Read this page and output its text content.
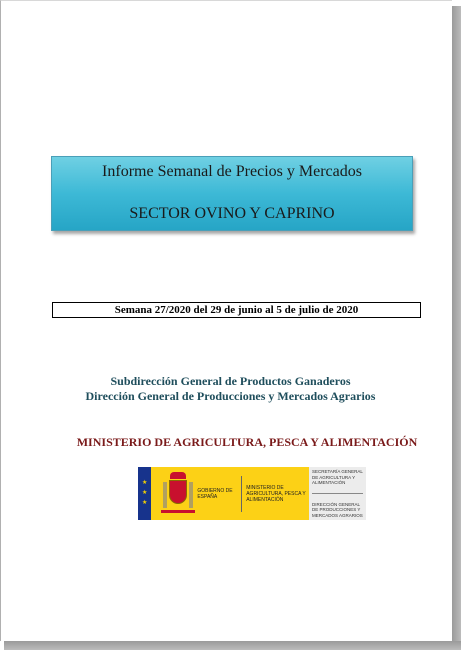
Informe Semanal de Precios y Mercados
SECTOR OVINO Y CAPRINO
Semana 27/2020 del 29 de junio al 5 de julio de 2020
Subdirección General de Productos Ganaderos
Dirección General de Producciones y Mercados Agrarios
MINISTERIO DE AGRICULTURA, PESCA Y ALIMENTACIÓN
★
★
★
GOBIERNO DE ESPAÑA
MINISTERIO DE AGRICULTURA, PESCA Y ALIMENTACIÓN
SECRETARÍA GENERAL DE AGRICULTURA Y ALIMENTACIÓN
DIRECCIÓN GENERAL DE PRODUCCIONES Y MERCADOS AGRARIOS
